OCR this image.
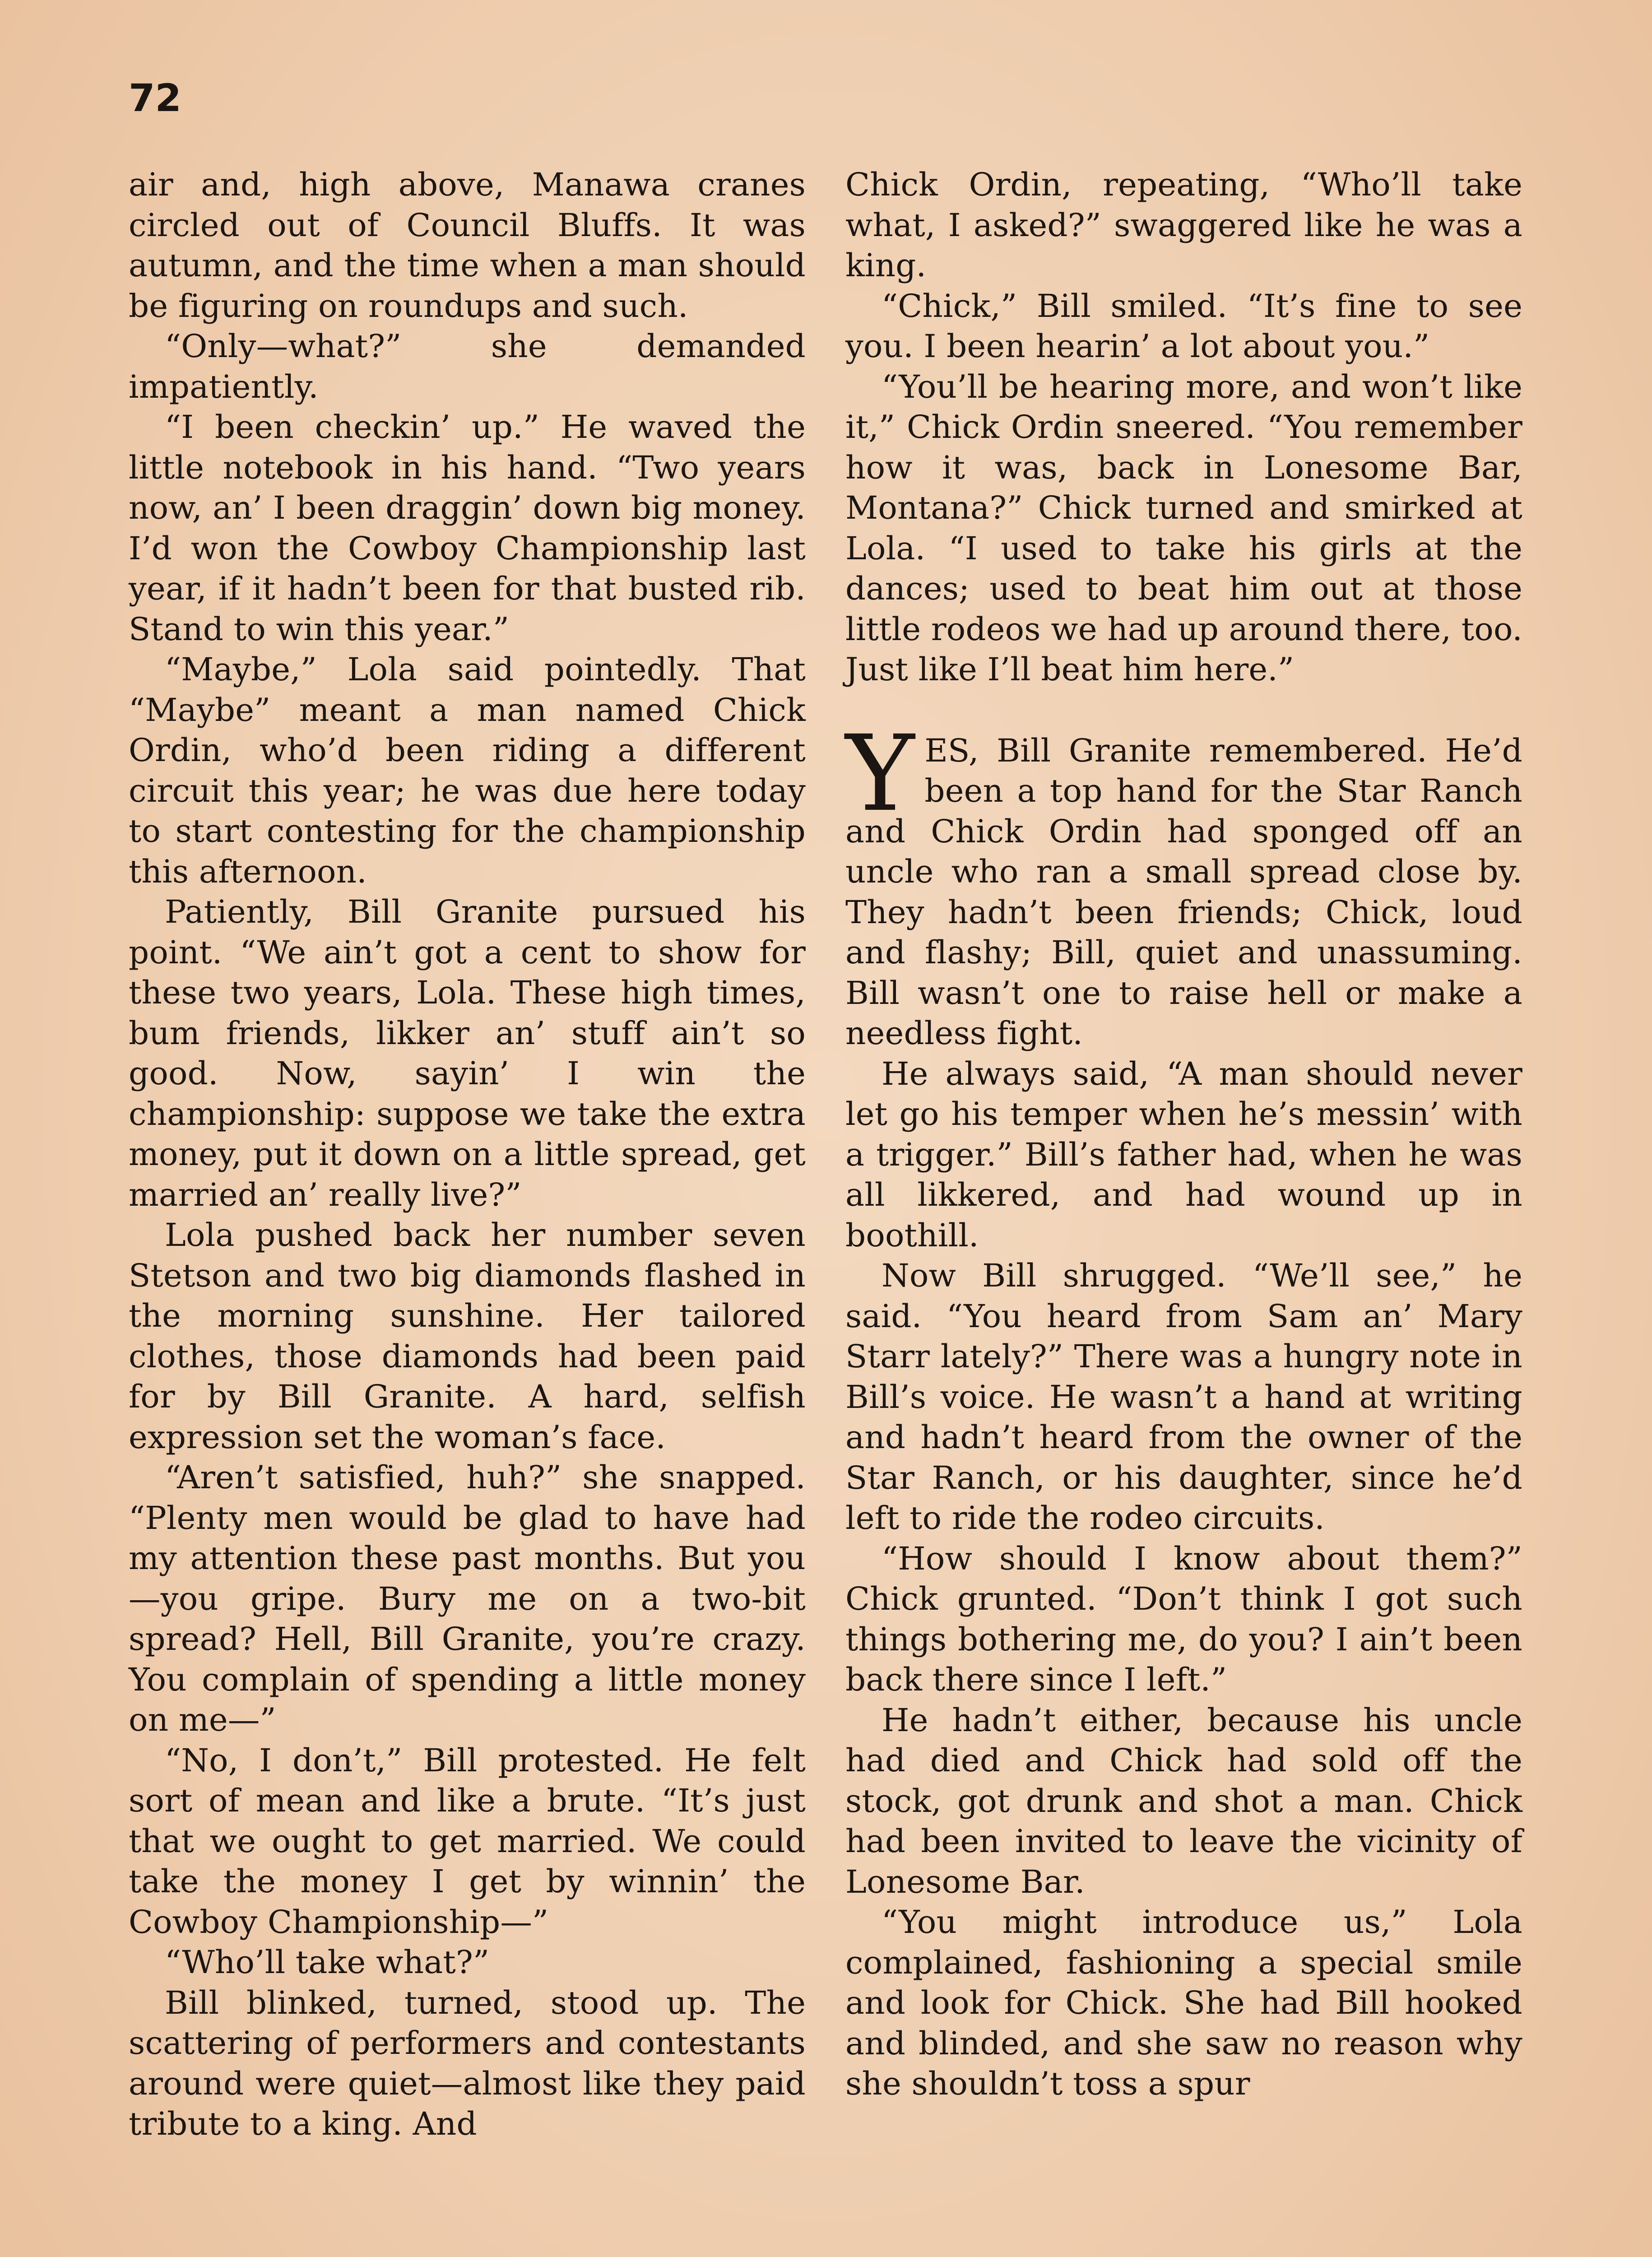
72

air and, high above, Manawa cranes circled out of Council Bluffs. It was autumn, and the time when a man should be figuring on roundups and such.

“Only—what?” she demanded impatiently.

“I been checkin’ up.” He waved the little notebook in his hand. “Two years now, an’ I been draggin’ down big money. I’d won the Cowboy Championship last year, if it hadn’t been for that busted rib. Stand to win this year.”

“Maybe,” Lola said pointedly. That “Maybe” meant a man named Chick Ordin, who’d been riding a different circuit this year; he was due here today to start contesting for the championship this afternoon.

Patiently, Bill Granite pursued his point. “We ain’t got a cent to show for these two years, Lola. These high times, bum friends, likker an’ stuff ain’t so good. Now, sayin’ I win the championship: suppose we take the extra money, put it down on a little spread, get married an’ really live?”

Lola pushed back her number seven Stetson and two big diamonds flashed in the morning sunshine. Her tailored clothes, those diamonds had been paid for by Bill Granite. A hard, selfish expression set the woman’s face.

“Aren’t satisfied, huh?” she snapped. “Plenty men would be glad to have had my attention these past months. But you—you gripe. Bury me on a two-bit spread? Hell, Bill Granite, you’re crazy. You complain of spending a little money on me—”

“No, I don’t,” Bill protested. He felt sort of mean and like a brute. “It’s just that we ought to get married. We could take the money I get by winnin’ the Cowboy Championship—”

“Who’ll take what?”

Bill blinked, turned, stood up. The scattering of performers and contestants around were quiet—almost like they paid tribute to a king. And

Chick Ordin, repeating, “Who’ll take what, I asked?” swaggered like he was a king.

“Chick,” Bill smiled. “It’s fine to see you. I been hearin’ a lot about you.”

“You’ll be hearing more, and won’t like it,” Chick Ordin sneered. “You remember how it was, back in Lonesome Bar, Montana?” Chick turned and smirked at Lola. “I used to take his girls at the dances; used to beat him out at those little rodeos we had up around there, too. Just like I’ll beat him here.”

YES, Bill Granite remembered. He’d been a top hand for the Star Ranch and Chick Ordin had sponged off an uncle who ran a small spread close by. They hadn’t been friends; Chick, loud and flashy; Bill, quiet and unassuming. Bill wasn’t one to raise hell or make a needless fight.

He always said, “A man should never let go his temper when he’s messin’ with a trigger.” Bill’s father had, when he was all likkered, and had wound up in boothill.

Now Bill shrugged. “We’ll see,” he said. “You heard from Sam an’ Mary Starr lately?” There was a hungry note in Bill’s voice. He wasn’t a hand at writing and hadn’t heard from the owner of the Star Ranch, or his daughter, since he’d left to ride the rodeo circuits.

“How should I know about them?” Chick grunted. “Don’t think I got such things bothering me, do you? I ain’t been back there since I left.”

He hadn’t either, because his uncle had died and Chick had sold off the stock, got drunk and shot a man. Chick had been invited to leave the vicinity of Lonesome Bar.

“You might introduce us,” Lola complained, fashioning a special smile and look for Chick. She had Bill hooked and blinded, and she saw no reason why she shouldn’t toss a spur
